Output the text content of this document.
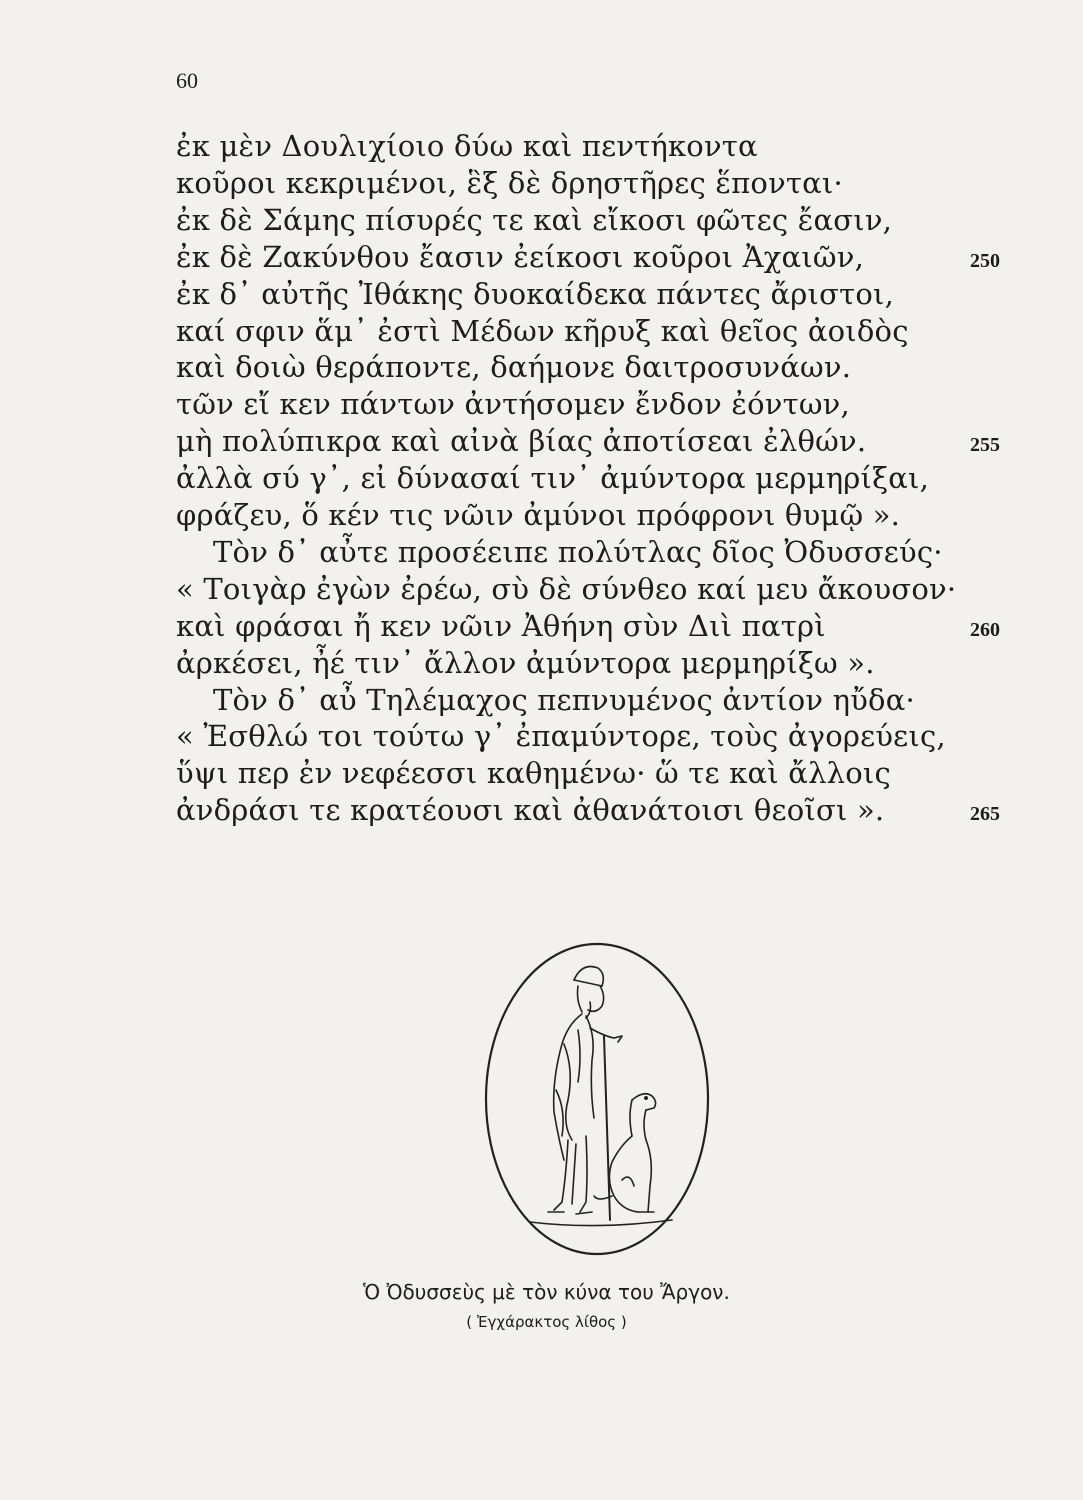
60
ἐκ μὲν Δουλιχίοιο δύω καὶ πεντήκοντα
κοῦροι κεκριμένοι, ἓξ δὲ δρηστῆρες ἕπονται·
ἐκ δὲ Σάμης πίσυρές τε καὶ εἴκοσι φῶτες ἔασιν,
ἐκ δὲ Ζακύνθου ἔασιν ἐείκοσι κοῦροι Ἀχαιῶν,	250
ἐκ δ᾽ αὐτῆς Ἰθάκης δυοκαίδεκα πάντες ἄριστοι,
καί σφιν ἅμ᾽ ἐστὶ Μέδων κῆρυξ καὶ θεῖος ἀοιδὸς
καὶ δοιὼ θεράποντε, δαήμονε δαιτροσυνάων.
τῶν εἴ κεν πάντων ἀντήσομεν ἔνδον ἐόντων,
μὴ πολύπικρα καὶ αἰνὰ βίας ἀποτίσεαι ἐλθών.	255
ἀλλὰ σύ γ᾽, εἰ δύνασαί τιν᾽ ἀμύντορα μερμηρίξαι,
φράζευ, ὅ κέν τις νῶιν ἀμύνοι πρόφρονι θυμῷ ».
Τὸν δ᾽ αὖτε προσέειπε πολύτλας δῖος Ὀδυσσεύς·
« Τοιγὰρ ἐγὼν ἐρέω, σὺ δὲ σύνθεο καί μευ ἄκουσον·
καὶ φράσαι ἤ κεν νῶιν Ἀθήνη σὺν Διὶ πατρὶ	260
ἀρκέσει, ἦέ τιν᾽ ἄλλον ἀμύντορα μερμηρίξω ».
Τὸν δ᾽ αὖ Τηλέμαχος πεπνυμένος ἀντίον ηὔδα·
« Ἐσθλώ τοι τούτω γ᾽ ἐπαμύντορε, τοὺς ἀγορεύεις,
ὕψι περ ἐν νεφέεσσι καθημένω· ὥ τε καὶ ἄλλοις
ἀνδράσι τε κρατέουσι καὶ ἀθανάτοισι θεοῖσι ».	265
Ὁ Ὀδυσσεὺς μὲ τὸν κύνα του Ἄργον.
( Ἐγχάρακτος λίθος )
